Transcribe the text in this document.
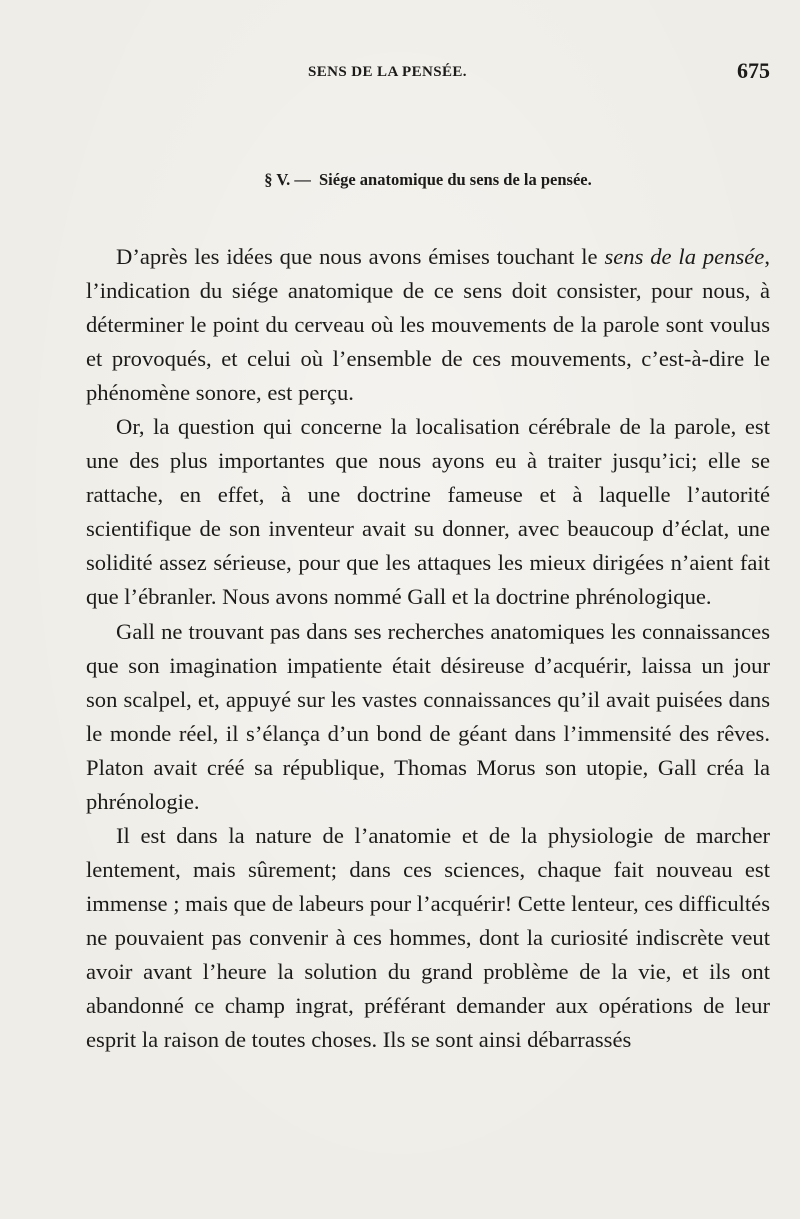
SENS DE LA PENSÉE.	675
§ V. — Siége anatomique du sens de la pensée.

D’après les idées que nous avons émises touchant le sens de la pensée, l’indication du siége anatomique de ce sens doit consister, pour nous, à déterminer le point du cerveau où les mouvements de la parole sont voulus et provoqués, et celui où l’ensemble de ces mouvements, c’est-à-dire le phénomène sonore, est perçu.

Or, la question qui concerne la localisation cérébrale de la parole, est une des plus importantes que nous ayons eu à traiter jusqu’ici; elle se rattache, en effet, à une doctrine fameuse et à laquelle l’autorité scientifique de son inventeur avait su donner, avec beaucoup d’éclat, une solidité assez sérieuse, pour que les attaques les mieux dirigées n’aient fait que l’ébranler. Nous avons nommé Gall et la doctrine phrénologique.

Gall ne trouvant pas dans ses recherches anatomiques les connaissances que son imagination impatiente était désireuse d’acquérir, laissa un jour son scalpel, et, appuyé sur les vastes connaissances qu’il avait puisées dans le monde réel, il s’élança d’un bond de géant dans l’immensité des rêves. Platon avait créé sa république, Thomas Morus son utopie, Gall créa la phrénologie.

Il est dans la nature de l’anatomie et de la physiologie de marcher lentement, mais sûrement; dans ces sciences, chaque fait nouveau est immense ; mais que de labeurs pour l’acquérir! Cette lenteur, ces difficultés ne pouvaient pas convenir à ces hommes, dont la curiosité indiscrète veut avoir avant l’heure la solution du grand problème de la vie, et ils ont abandonné ce champ ingrat, préférant demander aux opérations de leur esprit la raison de toutes choses. Ils se sont ainsi débarrassés
